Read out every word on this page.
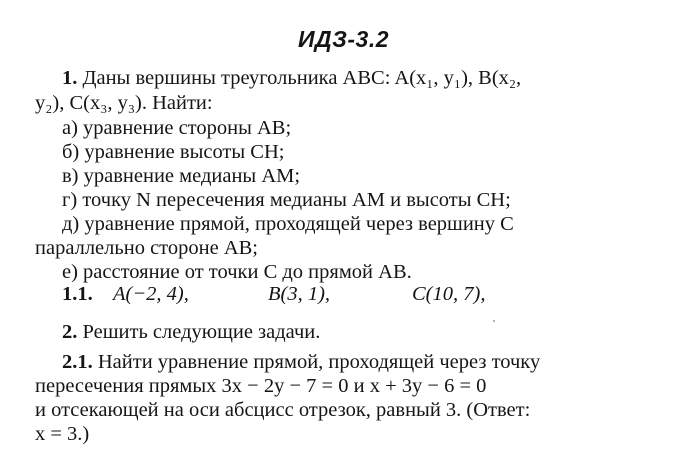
ИДЗ-3.2
1. Даны вершины треугольника ABC: A(x₁, y₁), B(x₂,
y₂), C(x₃, y₃). Найти:
а) уравнение стороны AB;
б) уравнение высоты CH;
в) уравнение медианы AM;
г) точку N пересечения медианы AM и высоты CH;
д) уравнение прямой, проходящей через вершину C
параллельно стороне AB;
е) расстояние от точки C до прямой AB.
1.1. A(−2, 4),	B(3, 1),	C(10, 7),
2. Решить следующие задачи.
2.1. Найти уравнение прямой, проходящей через точку
пересечения прямых 3x − 2y − 7 = 0 и x + 3y − 6 = 0
и отсекающей на оси абсцисс отрезок, равный 3. (Ответ:
x = 3.)
